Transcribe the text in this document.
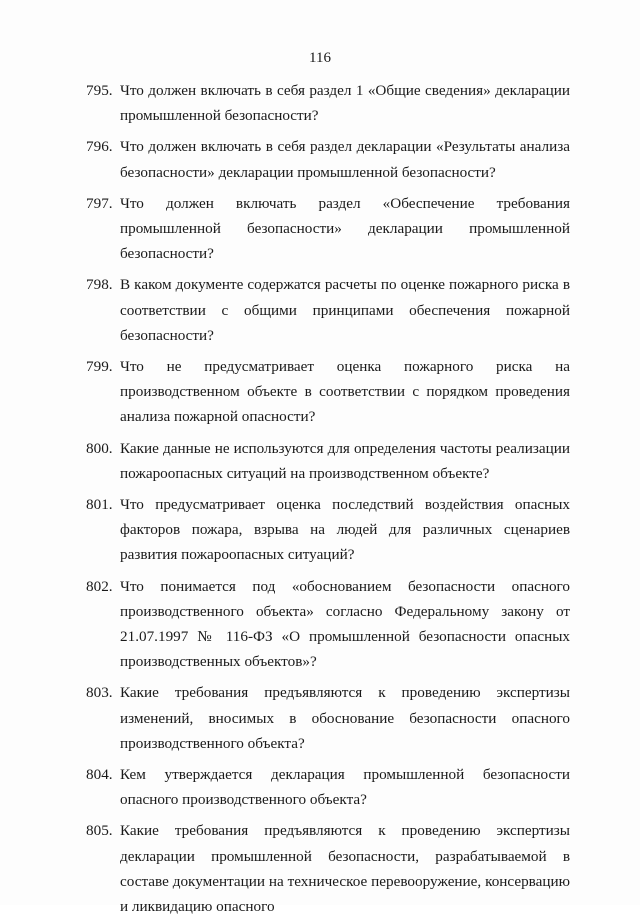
116
795. Что должен включать в себя раздел 1 «Общие сведения» декларации промышленной безопасности?
796. Что должен включать в себя раздел декларации «Результаты анализа безопасности» декларации промышленной безопасности?
797. Что должен включать раздел «Обеспечение требования промышленной безопасности» декларации промышленной безопасности?
798. В каком документе содержатся расчеты по оценке пожарного риска в соответствии с общими принципами обеспечения пожарной безопасности?
799. Что не предусматривает оценка пожарного риска на производственном объекте в соответствии с порядком проведения анализа пожарной опасности?
800. Какие данные не используются для определения частоты реализации пожароопасных ситуаций на производственном объекте?
801. Что предусматривает оценка последствий воздействия опасных факторов пожара, взрыва на людей для различных сценариев развития пожароопасных ситуаций?
802. Что понимается под «обоснованием безопасности опасного производственного объекта» согласно Федеральному закону от 21.07.1997 № 116-ФЗ «О промышленной безопасности опасных производственных объектов»?
803. Какие требования предъявляются к проведению экспертизы изменений, вносимых в обоснование безопасности опасного производственного объекта?
804. Кем утверждается декларация промышленной безопасности опасного производственного объекта?
805. Какие требования предъявляются к проведению экспертизы декларации промышленной безопасности, разрабатываемой в составе документации на техническое перевооружение, консервацию и ликвидацию опасного
